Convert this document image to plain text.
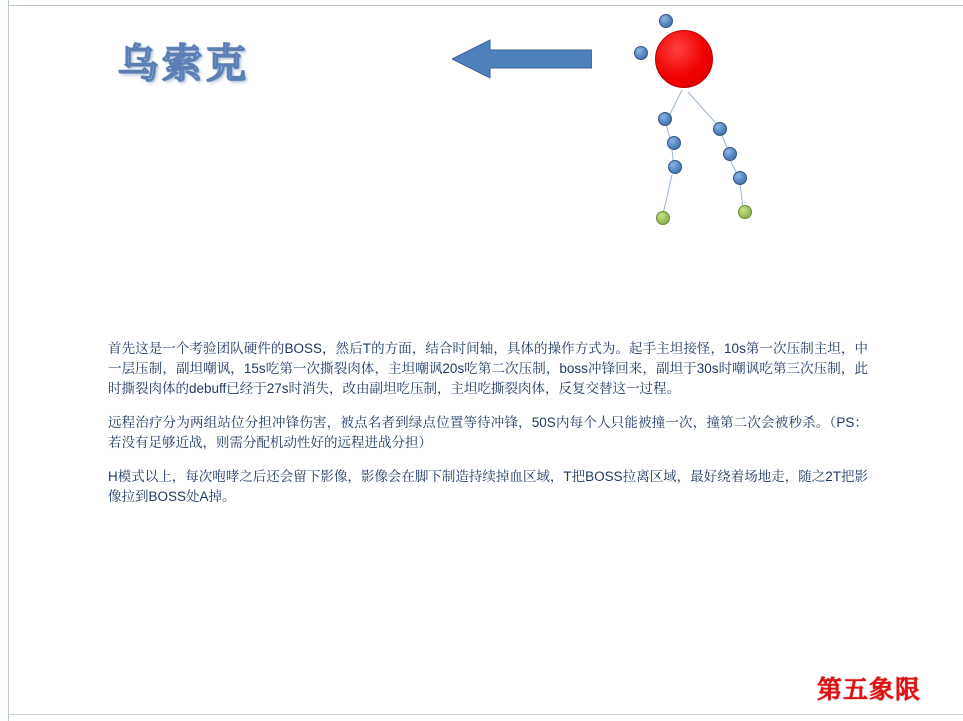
乌索克

首先这是一个考验团队硬件的BOSS，然后T的方面，结合时间轴，具体的操作方式为。起手主坦接怪，10s第一次压制主坦，中一层压制，副坦嘲讽，15s吃第一次撕裂肉体，主坦嘲讽20s吃第二次压制，boss冲锋回来，副坦于30s时嘲讽吃第三次压制，此时撕裂肉体的debuff已经于27s时消失，改由副坦吃压制，主坦吃撕裂肉体，反复交替这一过程。

远程治疗分为两组站位分担冲锋伤害，被点名者到绿点位置等待冲锋，50S内每个人只能被撞一次，撞第二次会被秒杀。（PS：若没有足够近战，则需分配机动性好的远程进战分担）

H模式以上，每次咆哮之后还会留下影像，影像会在脚下制造持续掉血区域，T把BOSS拉离区域，最好绕着场地走，随之2T把影像拉到BOSS处A掉。

第五象限
